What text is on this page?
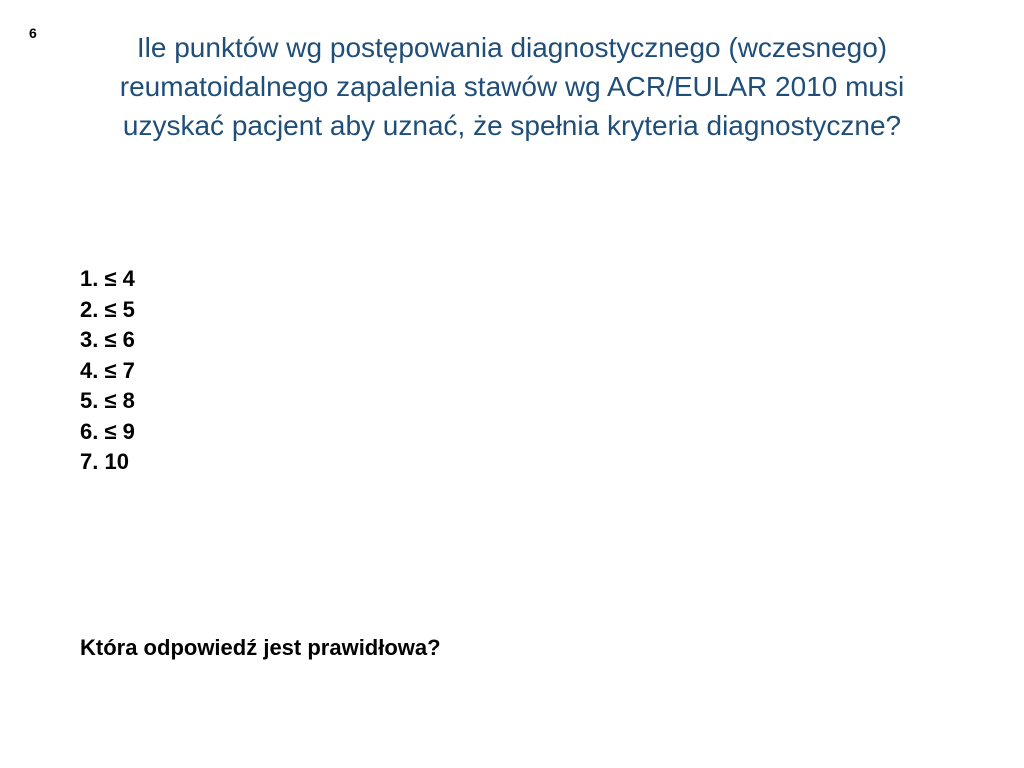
6	Ile punktów wg postępowania diagnostycznego (wczesnego)
reumatoidalnego zapalenia stawów wg ACR/EULAR 2010 musi
uzyskać pacjent aby uznać, że spełnia kryteria diagnostyczne?
1. ≤ 4
2. ≤ 5
3. ≤ 6
4. ≤ 7
5. ≤ 8
6. ≤ 9
7. 10
Która odpowiedź jest prawidłowa?
